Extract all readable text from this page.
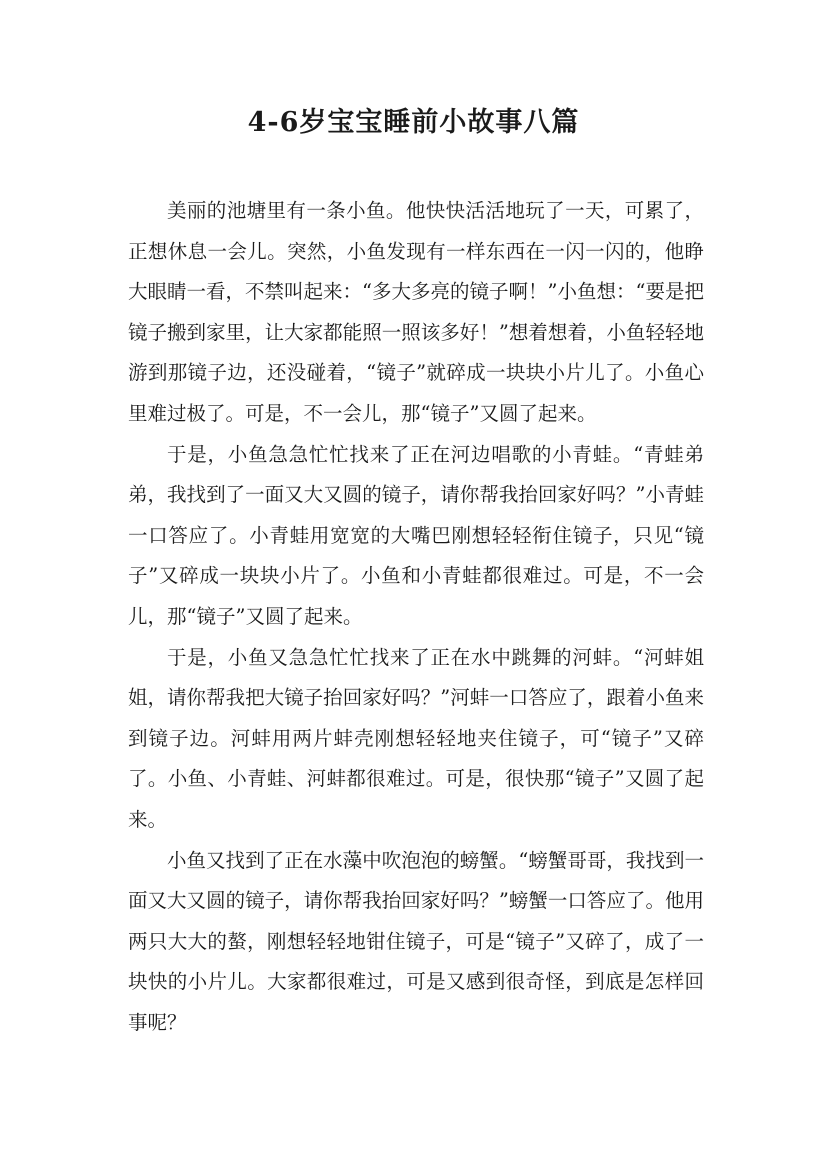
4-6岁宝宝睡前小故事八篇

美丽的池塘里有一条小鱼。他快快活活地玩了一天，可累了，正想休息一会儿。突然，小鱼发现有一样东西在一闪一闪的，他睁大眼睛一看，不禁叫起来：“多大多亮的镜子啊！”小鱼想：“要是把镜子搬到家里，让大家都能照一照该多好！”想着想着，小鱼轻轻地游到那镜子边，还没碰着，“镜子”就碎成一块块小片儿了。小鱼心里难过极了。可是，不一会儿，那“镜子”又圆了起来。

于是，小鱼急急忙忙找来了正在河边唱歌的小青蛙。“青蛙弟弟，我找到了一面又大又圆的镜子，请你帮我抬回家好吗？”小青蛙一口答应了。小青蛙用宽宽的大嘴巴刚想轻轻衔住镜子，只见“镜子”又碎成一块块小片了。小鱼和小青蛙都很难过。可是，不一会儿，那“镜子”又圆了起来。

于是，小鱼又急急忙忙找来了正在水中跳舞的河蚌。“河蚌姐姐，请你帮我把大镜子抬回家好吗？”河蚌一口答应了，跟着小鱼来到镜子边。河蚌用两片蚌壳刚想轻轻地夹住镜子，可“镜子”又碎了。小鱼、小青蛙、河蚌都很难过。可是，很快那“镜子”又圆了起来。

小鱼又找到了正在水藻中吹泡泡的螃蟹。“螃蟹哥哥，我找到一面又大又圆的镜子，请你帮我抬回家好吗？”螃蟹一口答应了。他用两只大大的螯，刚想轻轻地钳住镜子，可是“镜子”又碎了，成了一块快的小片儿。大家都很难过，可是又感到很奇怪，到底是怎样回事呢？
